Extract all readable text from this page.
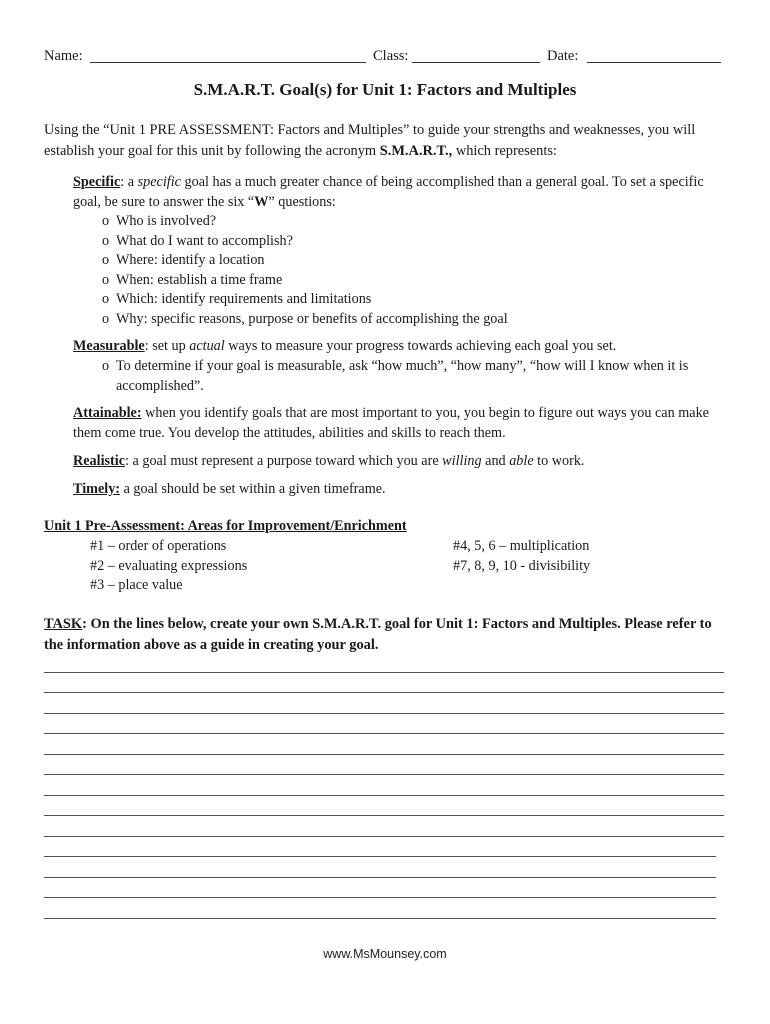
Name:	Class:	Date:
S.M.A.R.T. Goal(s) for Unit 1: Factors and Multiples
Using the “Unit 1 PRE ASSESSMENT: Factors and Multiples” to guide your strengths and weaknesses, you will establish your goal for this unit by following the acronym S.M.A.R.T., which represents:
Specific: a specific goal has a much greater chance of being accomplished than a general goal. To set a specific goal, be sure to answer the six “W” questions:
o Who is involved?
o What do I want to accomplish?
o Where: identify a location
o When: establish a time frame
o Which: identify requirements and limitations
o Why: specific reasons, purpose or benefits of accomplishing the goal
Measurable: set up actual ways to measure your progress towards achieving each goal you set.
o To determine if your goal is measurable, ask “how much”, “how many”, “how will I know when it is accomplished”.
Attainable: when you identify goals that are most important to you, you begin to figure out ways you can make them come true. You develop the attitudes, abilities and skills to reach them.
Realistic: a goal must represent a purpose toward which you are willing and able to work.
Timely: a goal should be set within a given timeframe.
Unit 1 Pre-Assessment: Areas for Improvement/Enrichment
#1 – order of operations
#2 – evaluating expressions
#3 – place value
#4, 5, 6 – multiplication
#7, 8, 9, 10 - divisibility
TASK: On the lines below, create your own S.M.A.R.T. goal for Unit 1: Factors and Multiples. Please refer to the information above as a guide in creating your goal.
www.MsMounsey.com
